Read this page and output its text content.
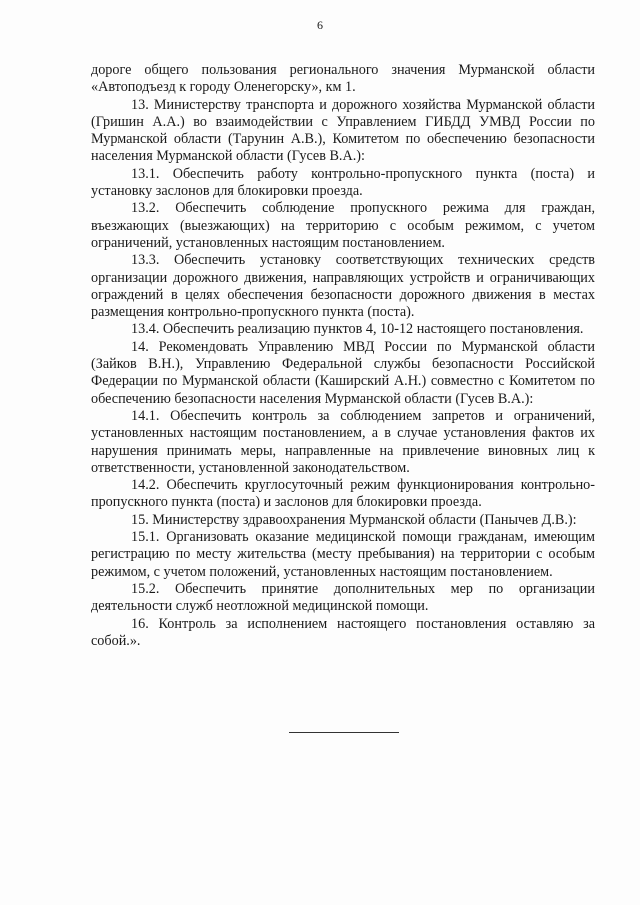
6

дороге общего пользования регионального значения Мурманской области «Автоподъезд к городу Оленегорску», км 1.

13. Министерству транспорта и дорожного хозяйства Мурманской области (Гришин А.А.) во взаимодействии с Управлением ГИБДД УМВД России по Мурманской области (Тарунин А.В.), Комитетом по обеспечению безопасности населения Мурманской области (Гусев В.А.):

13.1. Обеспечить работу контрольно-пропускного пункта (поста) и установку заслонов для блокировки проезда.

13.2. Обеспечить соблюдение пропускного режима для граждан, въезжающих (выезжающих) на территорию с особым режимом, с учетом ограничений, установленных настоящим постановлением.

13.3. Обеспечить установку соответствующих технических средств организации дорожного движения, направляющих устройств и ограничивающих ограждений в целях обеспечения безопасности дорожного движения в местах размещения контрольно-пропускного пункта (поста).

13.4. Обеспечить реализацию пунктов 4, 10-12 настоящего постановления.

14. Рекомендовать Управлению МВД России по Мурманской области (Зайков В.Н.), Управлению Федеральной службы безопасности Российской Федерации по Мурманской области (Каширский А.Н.) совместно с Комитетом по обеспечению безопасности населения Мурманской области (Гусев В.А.):

14.1. Обеспечить контроль за соблюдением запретов и ограничений, установленных настоящим постановлением, а в случае установления фактов их нарушения принимать меры, направленные на привлечение виновных лиц к ответственности, установленной законодательством.

14.2. Обеспечить круглосуточный режим функционирования контрольно-пропускного пункта (поста) и заслонов для блокировки проезда.

15. Министерству здравоохранения Мурманской области (Панычев Д.В.):

15.1. Организовать оказание медицинской помощи гражданам, имеющим регистрацию по месту жительства (месту пребывания) на территории с особым режимом, с учетом положений, установленных настоящим постановлением.

15.2. Обеспечить принятие дополнительных мер по организации деятельности служб неотложной медицинской помощи.

16. Контроль за исполнением настоящего постановления оставляю за собой.».
